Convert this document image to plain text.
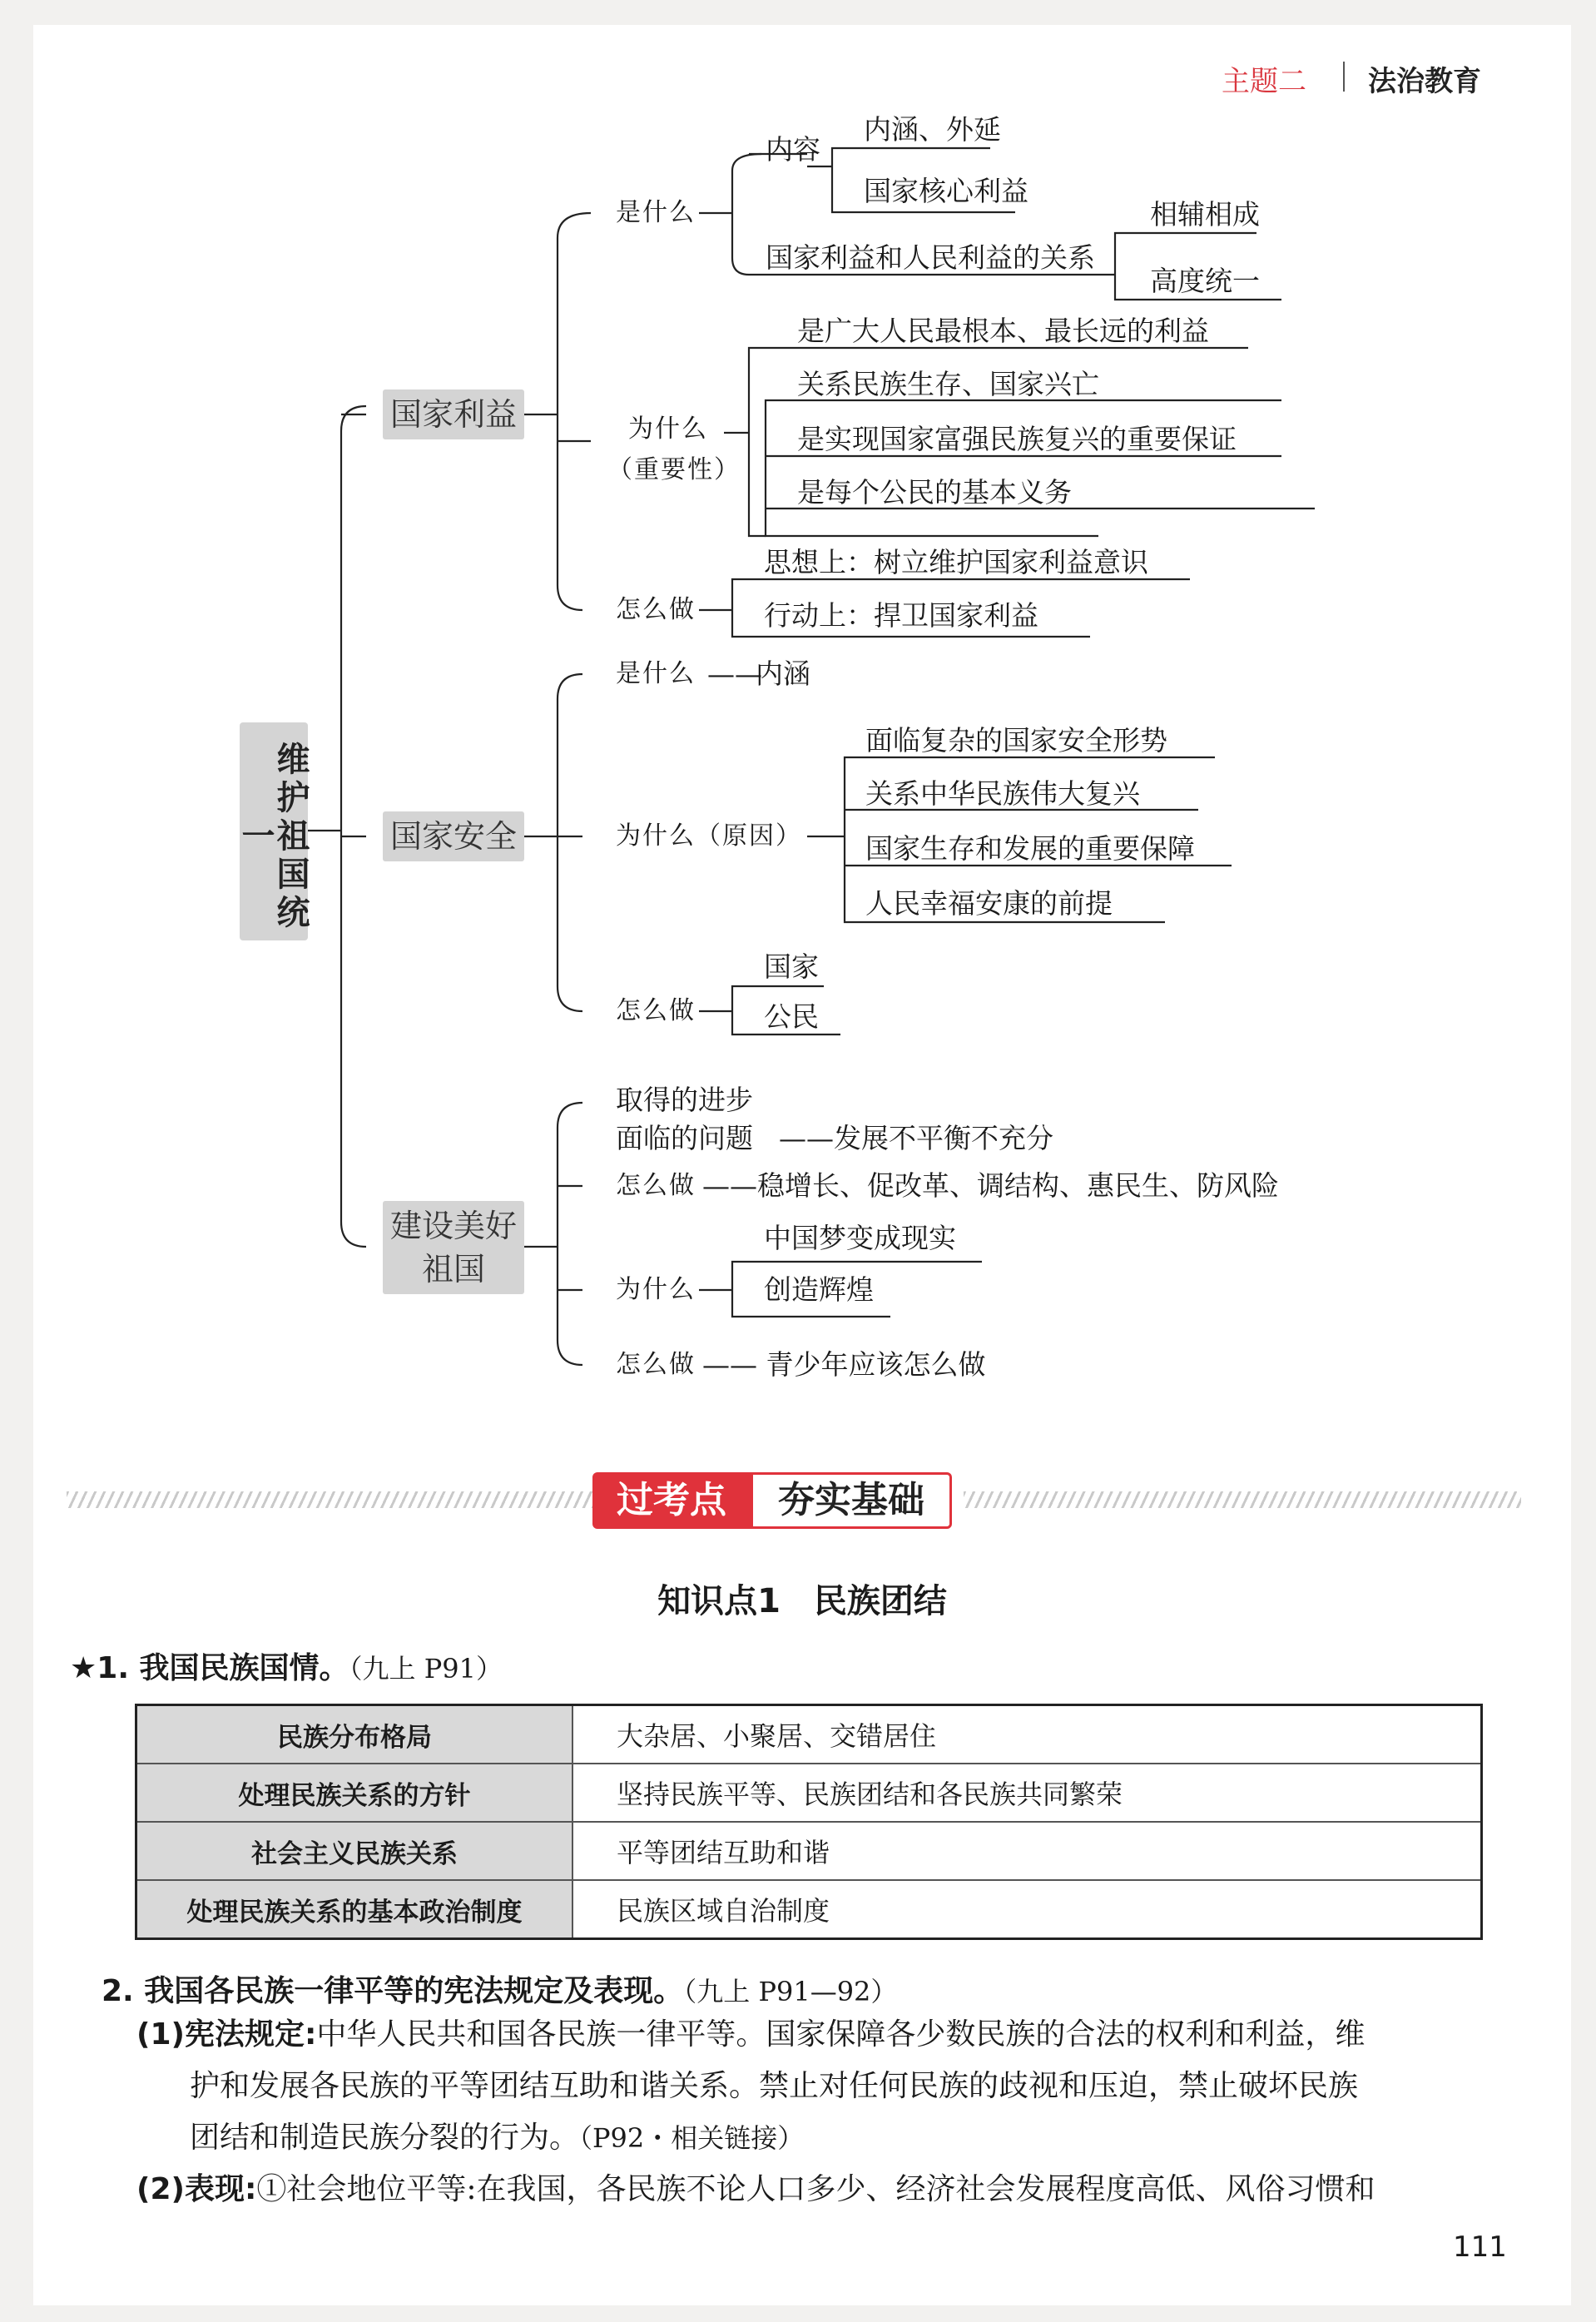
主题二 法治教育
维护祖国统一
国家利益
是什么
内容
内涵、外延
国家核心利益
国家利益和人民利益的关系
相辅相成
高度统一
为什么
（重要性）
是广大人民最根本、最长远的利益
关系民族生存、国家兴亡
是实现国家富强民族复兴的重要保证
是每个公民的基本义务
怎么做
思想上：树立维护国家利益意识
行动上：捍卫国家利益
国家安全
是什么 ——
内涵
为什么（原因）
面临复杂的国家安全形势
关系中华民族伟大复兴
国家生存和发展的重要保障
人民幸福安康的前提
怎么做
国家
公民
建设美好
祖国
取得的进步
面临的问题 ——发展不平衡不充分
怎么做 ——稳增长、促改革、调结构、惠民生、防风险
为什么
中国梦变成现实
创造辉煌
怎么做 —— 青少年应该怎么做
过考点	夯实基础
知识点1　民族团结
★1. 我国民族国情。（九上 P91）
民族分布格局	大杂居、小聚居、交错居住
处理民族关系的方针	坚持民族平等、民族团结和各民族共同繁荣
社会主义民族关系	平等团结互助和谐
处理民族关系的基本政治制度	民族区域自治制度
2. 我国各民族一律平等的宪法规定及表现。（九上 P91—92）
(1)宪法规定:中华人民共和国各民族一律平等。国家保障各少数民族的合法的权利和利益，维
护和发展各民族的平等团结互助和谐关系。禁止对任何民族的歧视和压迫，禁止破坏民族
团结和制造民族分裂的行为。（P92・相关链接）
(2)表现:①社会地位平等:在我国，各民族不论人口多少、经济社会发展程度高低、风俗习惯和
111
